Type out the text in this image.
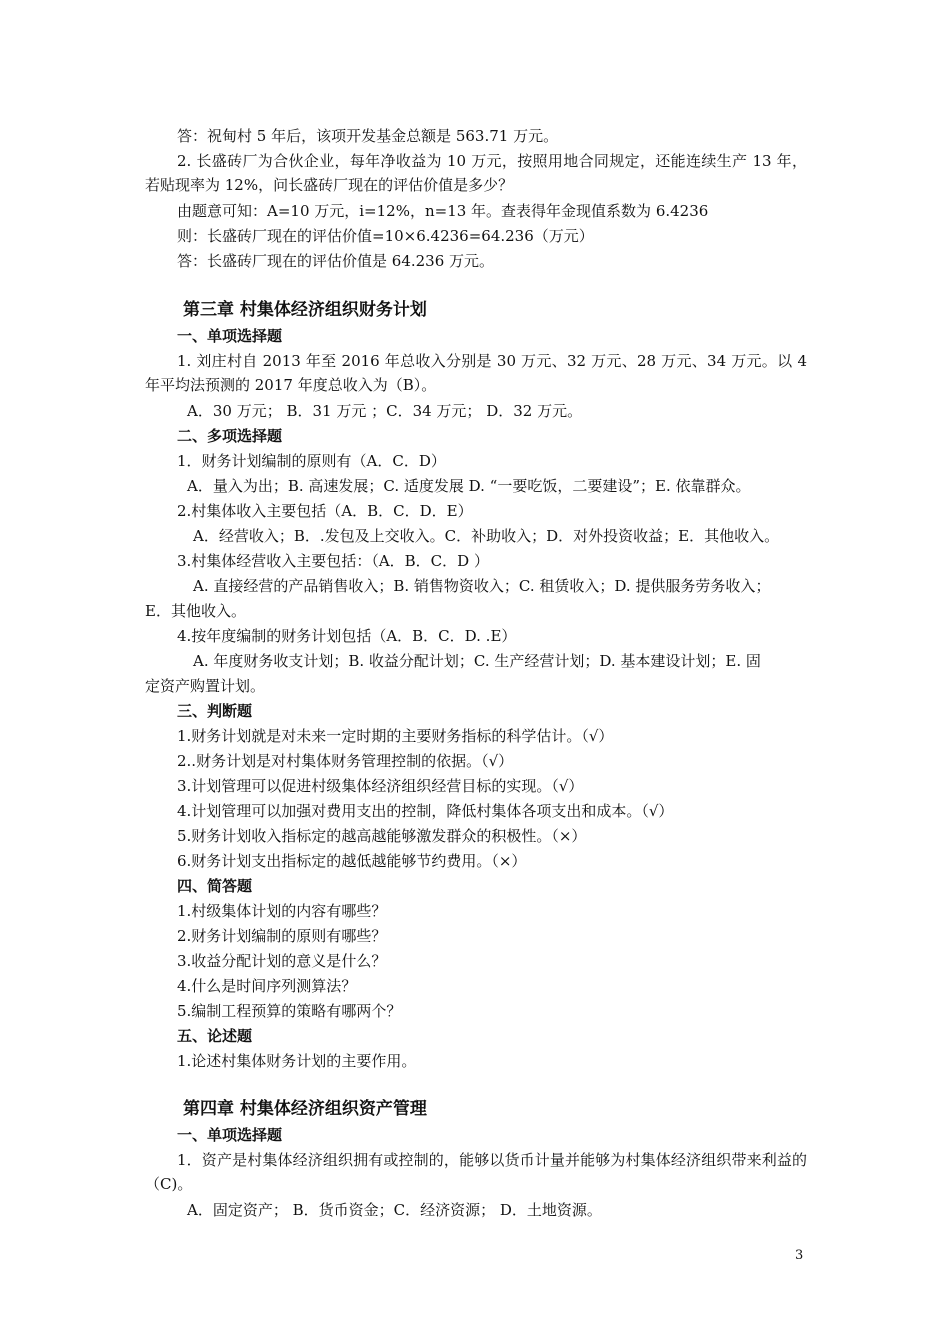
答：祝甸村 5 年后，该项开发基金总额是 563.71 万元。
2. 长盛砖厂为合伙企业，每年净收益为 10 万元，按照用地合同规定，还能连续生产 13 年，若贴现率为 12%，问长盛砖厂现在的评估价值是多少？
由题意可知：A=10 万元，i=12%，n=13 年。查表得年金现值系数为 6.4236
则：长盛砖厂现在的评估价值=10×6.4236=64.236（万元）
答：长盛砖厂现在的评估价值是 64.236 万元。
第三章 村集体经济组织财务计划
一、单项选择题
1. 刘庄村自 2013 年至 2016 年总收入分别是 30 万元、32 万元、28 万元、34 万元。以 4 年平均法预测的 2017 年度总收入为（B）。
A．30 万元； B．31 万元 ；C．34 万元； D．32 万元。
二、多项选择题
1．财务计划编制的原则有（A．C．D）
A．量入为出；B. 高速发展；C. 适度发展 D. “一要吃饭，二要建设”；E. 依靠群众。
2.村集体收入主要包括（A．B．C．D．E）
A．经营收入；B．.发包及上交收入。C．补助收入；D．对外投资收益；E．其他收入。
3.村集体经营收入主要包括：（A．B．C．D ）
A. 直接经营的产品销售收入；B. 销售物资收入；C. 租赁收入；D. 提供服务劳务收入；
E．其他收入。
4.按年度编制的财务计划包括（A．B．C．D. .E）
A. 年度财务收支计划；B. 收益分配计划；C. 生产经营计划；D. 基本建设计划；E. 固
定资产购置计划。
三、判断题
1.财务计划就是对未来一定时期的主要财务指标的科学估计。（√）
2..财务计划是对村集体财务管理控制的依据。（√）
3.计划管理可以促进村级集体经济组织经营目标的实现。（√）
4.计划管理可以加强对费用支出的控制，降低村集体各项支出和成本。（√）
5.财务计划收入指标定的越高越能够激发群众的积极性。（×）
6.财务计划支出指标定的越低越能够节约费用。（×）
四、简答题
1.村级集体计划的内容有哪些？
2.财务计划编制的原则有哪些？
3.收益分配计划的意义是什么？
4.什么是时间序列测算法？
5.编制工程预算的策略有哪两个？
五、论述题
1.论述村集体财务计划的主要作用。
第四章 村集体经济组织资产管理
一、单项选择题
1．资产是村集体经济组织拥有或控制的，能够以货币计量并能够为村集体经济组织带来利益的（C)。
A．固定资产； B．货币资金；C．经济资源； D．土地资源。
3
